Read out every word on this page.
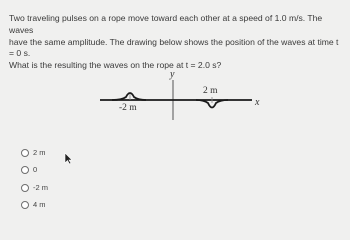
Two traveling pulses on a rope move toward each other at a speed of 1.0 m/s. The waves

have the same amplitude. The drawing below shows the position of the waves at time t = 0 s.

What is the resulting the waves on the rope at t = 2.0 s?

y
-2 m
2 m
x
2 m
0
-2 m
4 m
